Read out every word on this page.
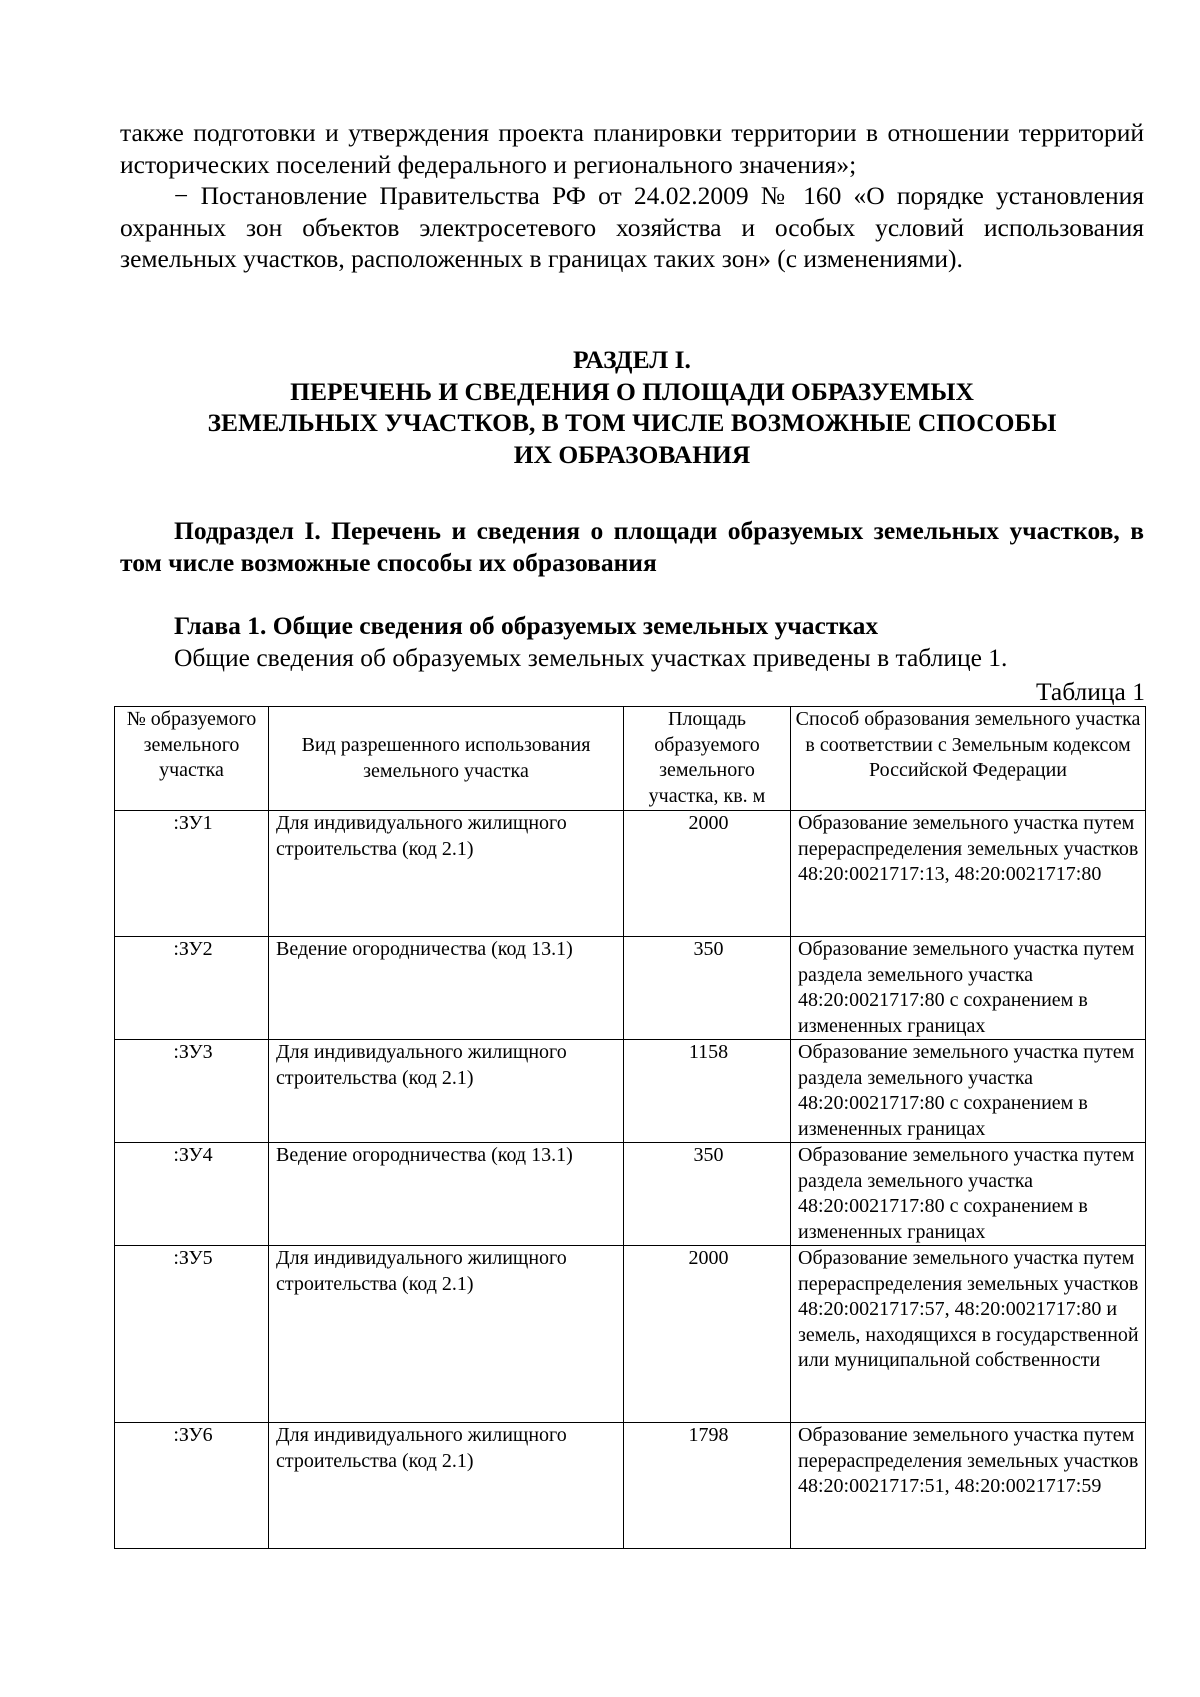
также подготовки и утверждения проекта планировки территории в отношении территорий исторических поселений федерального и регионального значения»;

− Постановление Правительства РФ от 24.02.2009 № 160 «О порядке установления охранных зон объектов электросетевого хозяйства и особых условий использования земельных участков, расположенных в границах таких зон» (с изменениями).

РАЗДЕЛ I.
ПЕРЕЧЕНЬ И СВЕДЕНИЯ О ПЛОЩАДИ ОБРАЗУЕМЫХ
ЗЕМЕЛЬНЫХ УЧАСТКОВ, В ТОМ ЧИСЛЕ ВОЗМОЖНЫЕ СПОСОБЫ
ИХ ОБРАЗОВАНИЯ

Подраздел I. Перечень и сведения о площади образуемых земельных участков, в том числе возможные способы их образования

Глава 1. Общие сведения об образуемых земельных участках

Общие сведения об образуемых земельных участках приведены в таблице 1.

Таблица 1

№ образуемого земельного участка	Вид разрешенного использования земельного участка	Площадь образуемого земельного участка, кв. м	Способ образования земельного участка в соответствии с Земельным кодексом Российской Федерации
:ЗУ1	Для индивидуального жилищного строительства (код 2.1)	2000	Образование земельного участка путем перераспределения земельных участков 48:20:0021717:13, 48:20:0021717:80
:ЗУ2	Ведение огородничества (код 13.1)	350	Образование земельного участка путем раздела земельного участка 48:20:0021717:80 с сохранением в измененных границах
:ЗУ3	Для индивидуального жилищного строительства (код 2.1)	1158	Образование земельного участка путем раздела земельного участка 48:20:0021717:80 с сохранением в измененных границах
:ЗУ4	Ведение огородничества (код 13.1)	350	Образование земельного участка путем раздела земельного участка 48:20:0021717:80 с сохранением в измененных границах
:ЗУ5	Для индивидуального жилищного строительства (код 2.1)	2000	Образование земельного участка путем перераспределения земельных участков 48:20:0021717:57, 48:20:0021717:80 и земель, находящихся в государственной или муниципальной собственности
:ЗУ6	Для индивидуального жилищного строительства (код 2.1)	1798	Образование земельного участка путем перераспределения земельных участков 48:20:0021717:51, 48:20:0021717:59
